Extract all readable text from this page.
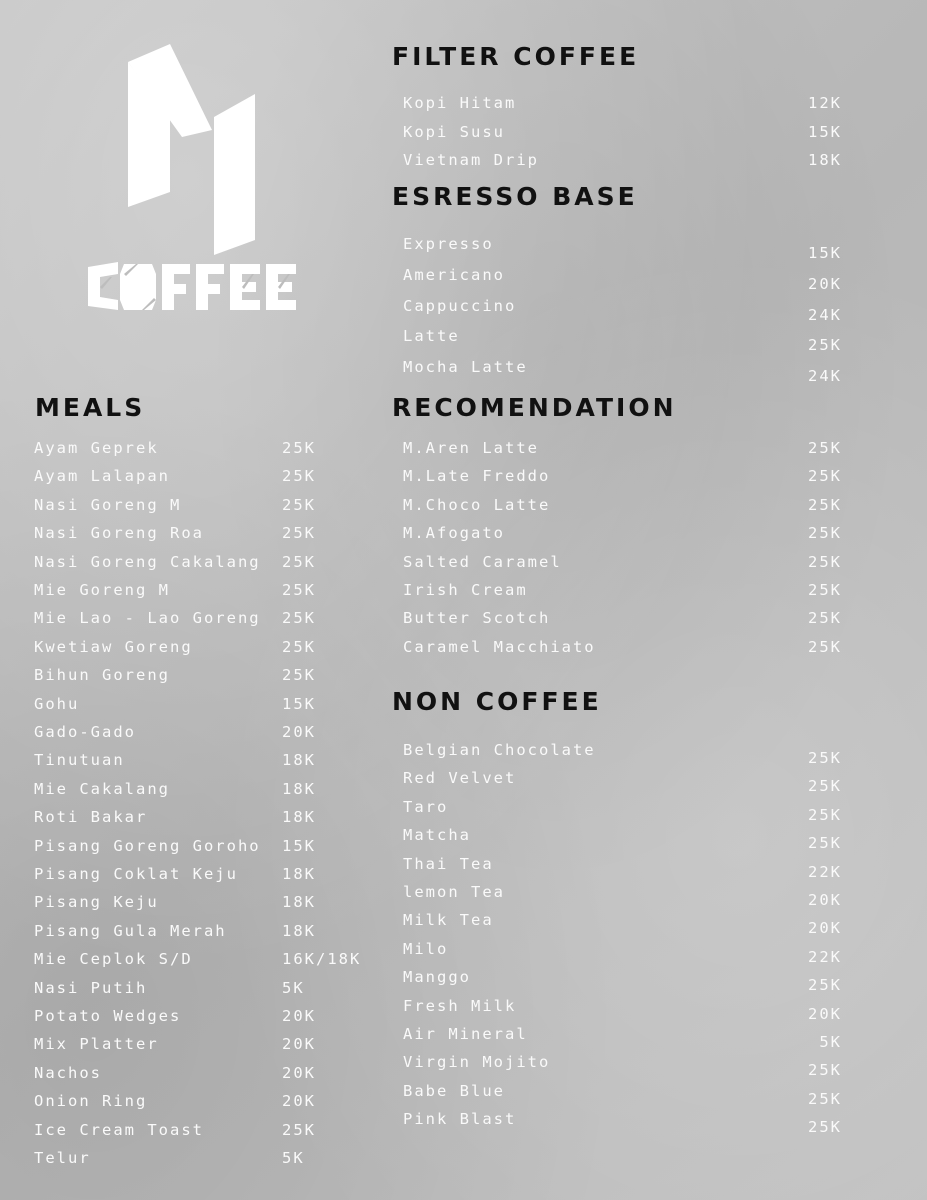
FILTER COFFEE
ESRESSO BASE
MEALS	RECOMENDATION
NON COFFEE
Kopi Hitam	12K
Kopi Susu	15K
Vietnam Drip	18K
Expresso	15K
Americano	20K
Cappuccino	24K
Latte	25K
Mocha Latte	24K
Ayam Geprek	25K
Ayam Lalapan	25K
Nasi Goreng M	25K
Nasi Goreng Roa	25K
Nasi Goreng Cakalang 25K
Mie Goreng M	25K
Mie Lao - Lao Goreng 25K
Kwetiaw Goreng	25K
Bihun Goreng	25K
Gohu	15K
Gado-Gado	20K
Tinutuan	18K
Mie Cakalang	18K
Roti Bakar	18K
Pisang Goreng Goroho 15K
Pisang Coklat Keju	18K
Pisang Keju	18K
Pisang Gula Merah	18K
Mie Ceplok S/D	16K/18K
Nasi Putih	5K
Potato Wedges	20K
Mix Platter	20K
Nachos	20K
Onion Ring	20K
Ice Cream Toast	25K
Telur	5K
M.Aren Latte	25K
M.Late Freddo	25K
M.Choco Latte	25K
M.Afogato	25K
Salted Caramel	25K
Irish Cream	25K
Butter Scotch	25K
Caramel Macchiato	25K
Belgian Chocolate	25K
Red Velvet	25K
Taro	25K
Matcha	25K
Thai Tea	22K
lemon Tea	20K
Milk Tea	20K
Milo	22K
Manggo	25K
Fresh Milk	20K
Air Mineral	5K
Virgin Mojito	25K
Babe Blue	25K
Pink Blast	25K
